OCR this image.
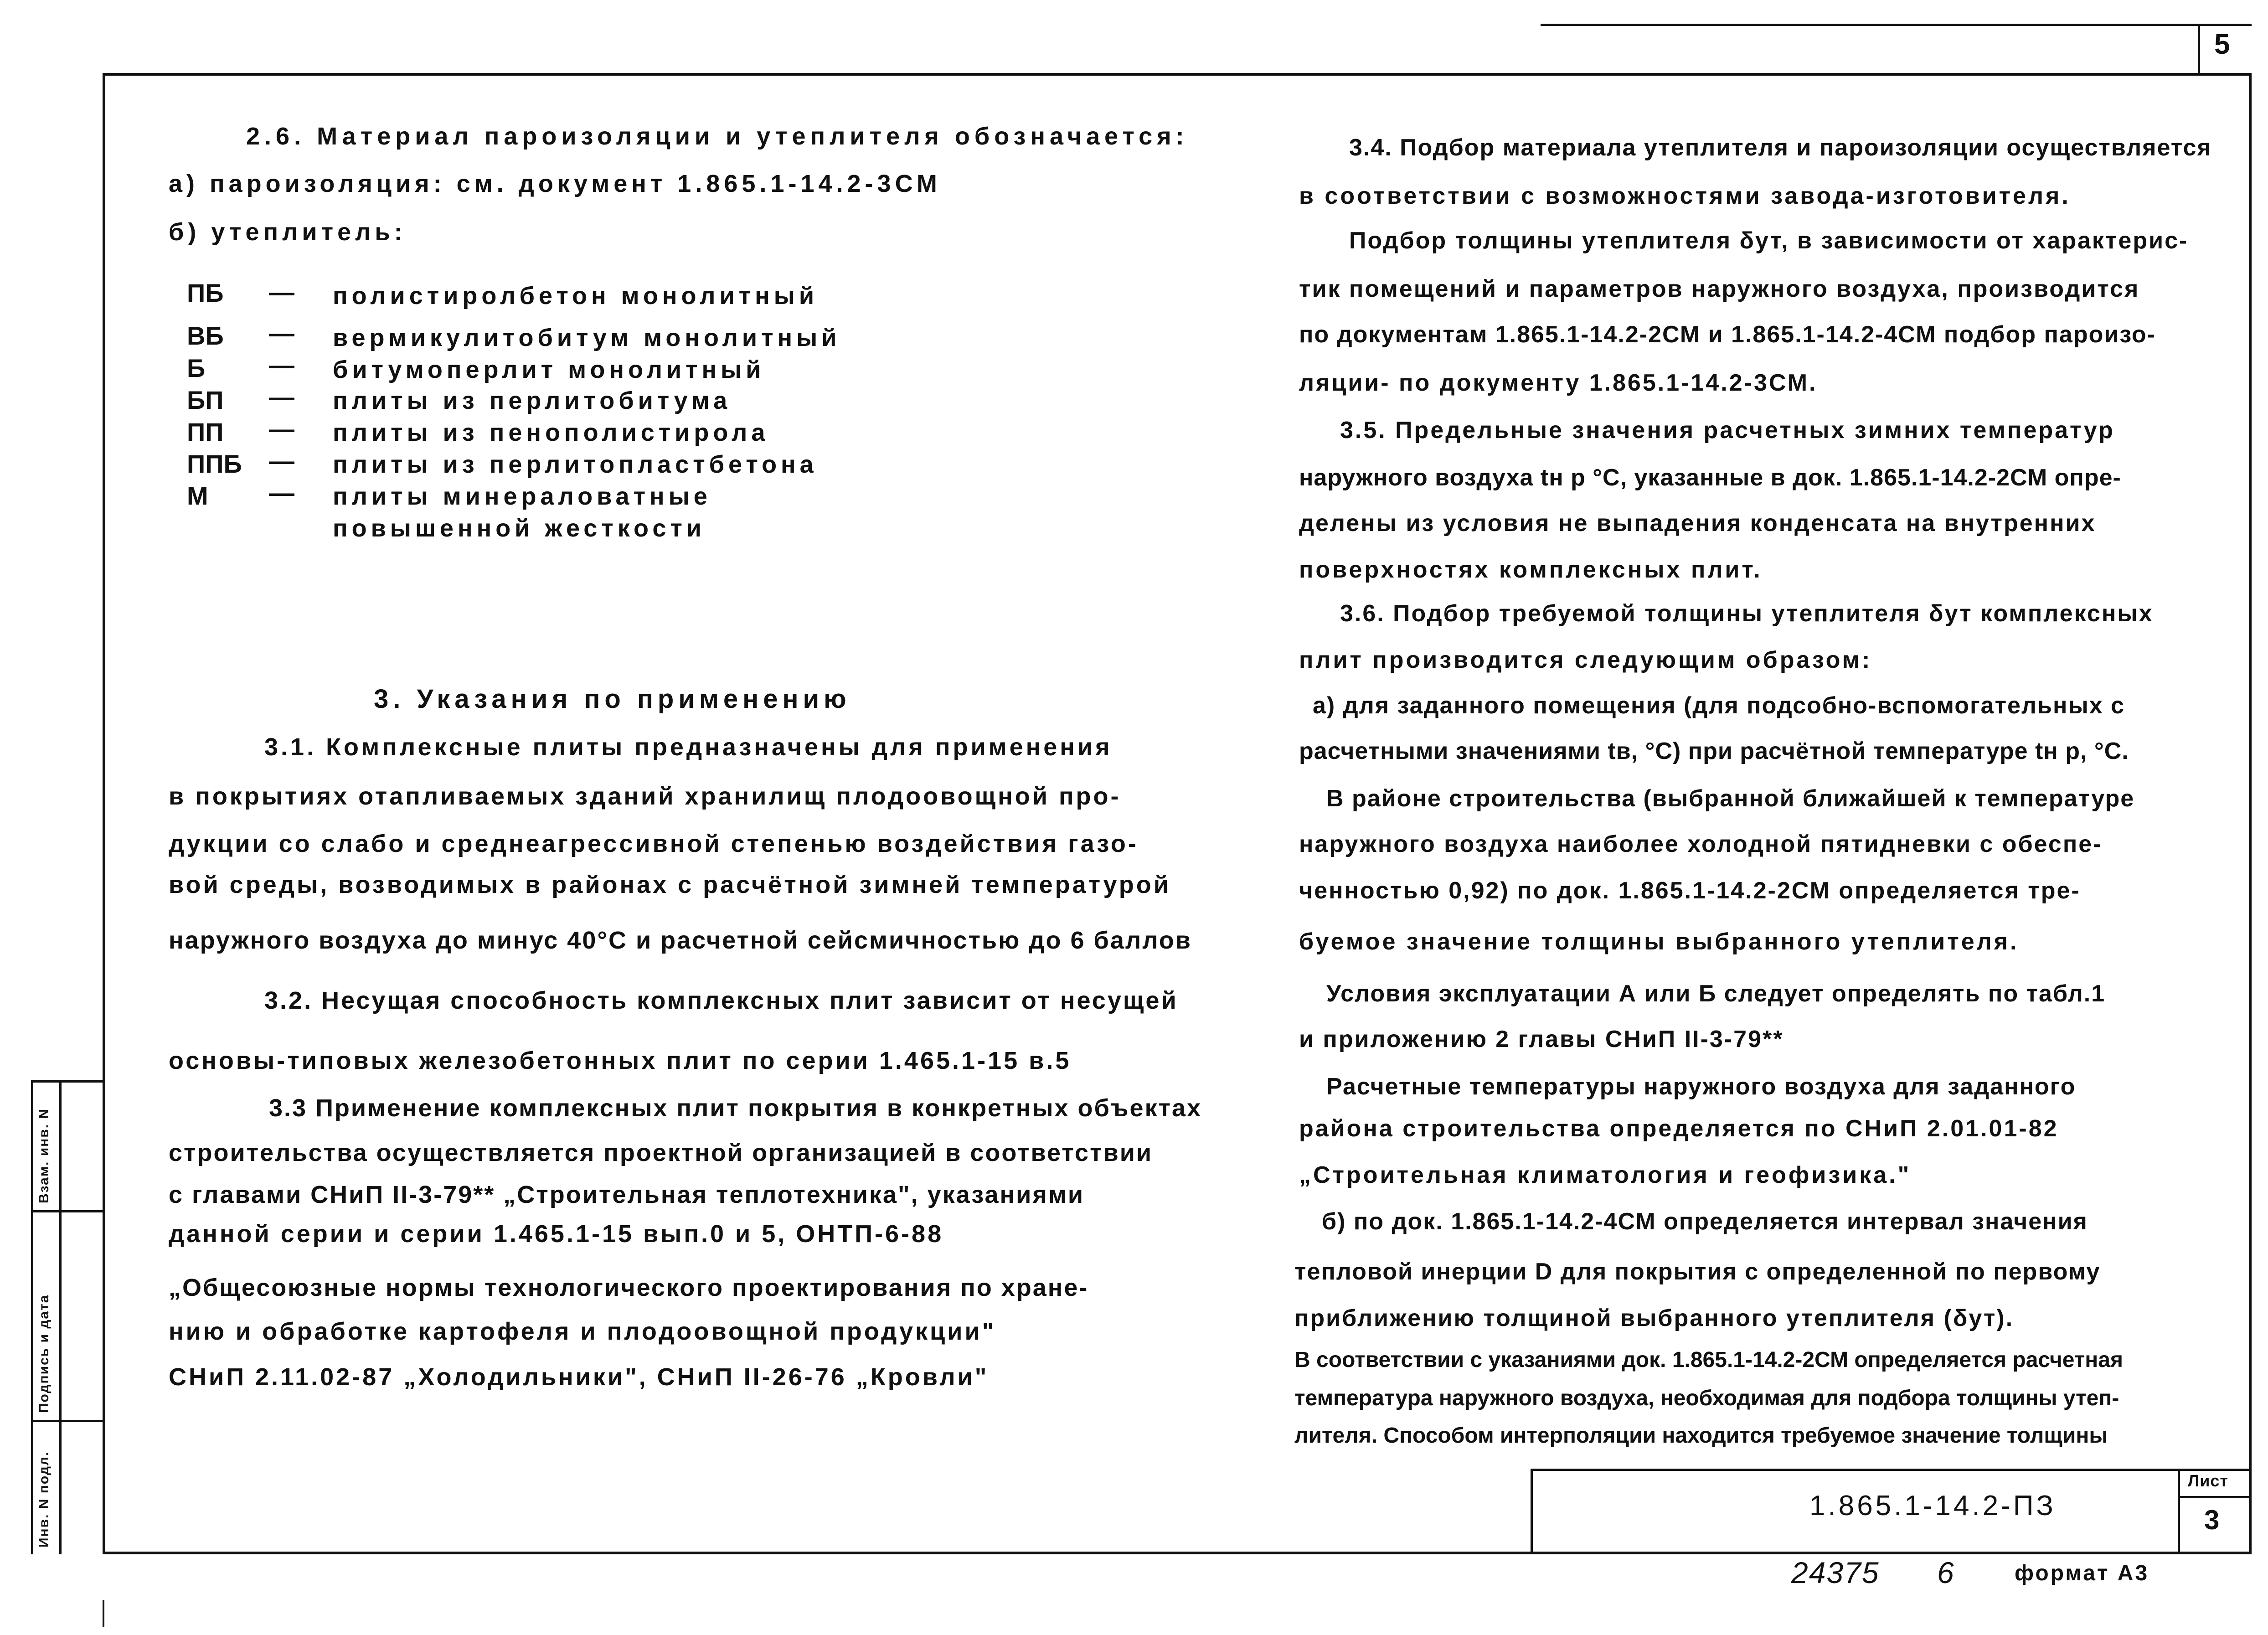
5
Инв. N подл.
Подпись и дата
Взам. инв. N
2.6. Материал пароизоляции и утеплителя обозначается:
а) пароизоляция: см. документ 1.865.1-14.2-3СМ
б) утеплитель:
ПБ — полистиролбетон монолитный
ВБ — вермикулитобитум монолитный
Б — битумоперлит монолитный
БП — плиты из перлитобитума
ПП — плиты из пенополистирола
ППБ — плиты из перлитопластбетона
М — плиты минераловатные
повышенной жесткости
3. Указания по применению
3.1. Комплексные плиты предназначены для применения
в покрытиях отапливаемых зданий хранилищ плодоовощной про-
дукции со слабо и среднеагрессивной степенью воздействия газо-
вой среды, возводимых в районах с расчётной зимней температурой
наружного воздуха до минус 40°С и расчетной сейсмичностью до 6 баллов
3.2. Несущая способность комплексных плит зависит от несущей
основы-типовых железобетонных плит по серии 1.465.1-15 в.5
3.3 Применение комплексных плит покрытия в конкретных объектах
строительства осуществляется проектной организацией в соответствии
с главами СНиП II-3-79** „Строительная теплотехника", указаниями
данной серии и серии 1.465.1-15 вып.0 и 5, ОНТП-6-88
„Общесоюзные нормы технологического проектирования по хране-
нию и обработке картофеля и плодоовощной продукции"
СНиП 2.11.02-87 „Холодильники", СНиП II-26-76 „Кровли"
3.4. Подбор материала утеплителя и пароизоляции осуществляется
в соответствии с возможностями завода-изготовителя.
Подбор толщины утеплителя δут, в зависимости от характерис-
тик помещений и параметров наружного воздуха, производится
по документам 1.865.1-14.2-2СМ и 1.865.1-14.2-4СМ подбор пароизо-
ляции- по документу 1.865.1-14.2-3СМ.
3.5. Предельные значения расчетных зимних температур
наружного воздуха tн р °С, указанные в док. 1.865.1-14.2-2СМ опре-
делены из условия не выпадения конденсата на внутренних
поверхностях комплексных плит.
3.6. Подбор требуемой толщины утеплителя δут комплексных
плит производится следующим образом:
а) для заданного помещения (для подсобно-вспомогательных с
расчетными значениями tв, °С) при расчётной температуре tн р, °С.
В районе строительства (выбранной ближайшей к температуре
наружного воздуха наиболее холодной пятидневки с обеспе-
ченностью 0,92) по док. 1.865.1-14.2-2СМ определяется тре-
буемое значение толщины выбранного утеплителя.
Условия эксплуатации А или Б следует определять по табл.1
и приложению 2 главы СНиП II-3-79**
Расчетные температуры наружного воздуха для заданного
района строительства определяется по СНиП 2.01.01-82
„Строительная климатология и геофизика."
б) по док. 1.865.1-14.2-4СМ определяется интервал значения
тепловой инерции D для покрытия с определенной по первому
приближению толщиной выбранного утеплителя (δут).
В соответствии с указаниями док. 1.865.1-14.2-2СМ определяется расчетная
температура наружного воздуха, необходимая для подбора толщины утеп-
лителя. Способом интерполяции находится требуемое значение толщины
1.865.1-14.2-ПЗ
Лист
3
24375 6	формат А3
